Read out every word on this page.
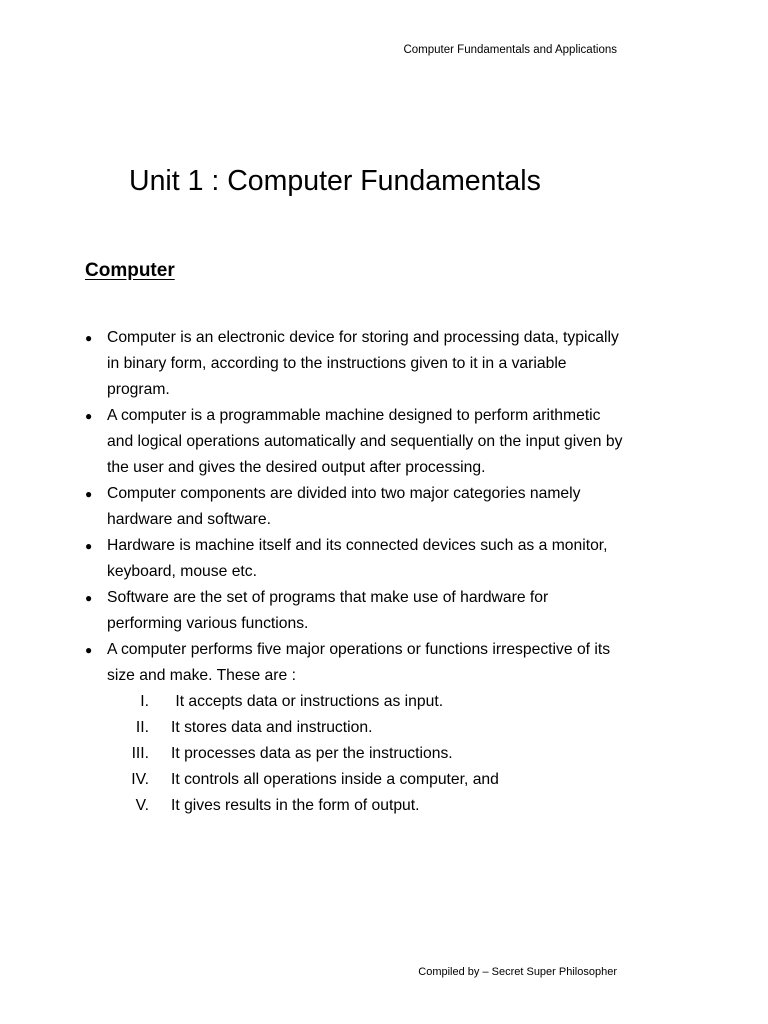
Computer Fundamentals and Applications
Unit 1 : Computer Fundamentals
Computer
● Computer is an electronic device for storing and processing data, typically in binary form, according to the instructions given to it in a variable program.
● A computer is a programmable machine designed to perform arithmetic and logical operations automatically and sequentially on the input given by the user and gives the desired output after processing.
● Computer components are divided into two major categories namely hardware and software.
● Hardware is machine itself and its connected devices such as a monitor, keyboard, mouse etc.
● Software are the set of programs that make use of hardware for performing various functions.
● A computer performs five major operations or functions irrespective of its size and make. These are :
I. It accepts data or instructions as input.
II. It stores data and instruction.
III. It processes data as per the instructions.
IV. It controls all operations inside a computer, and
V. It gives results in the form of output.
Compiled by – Secret Super Philosopher
